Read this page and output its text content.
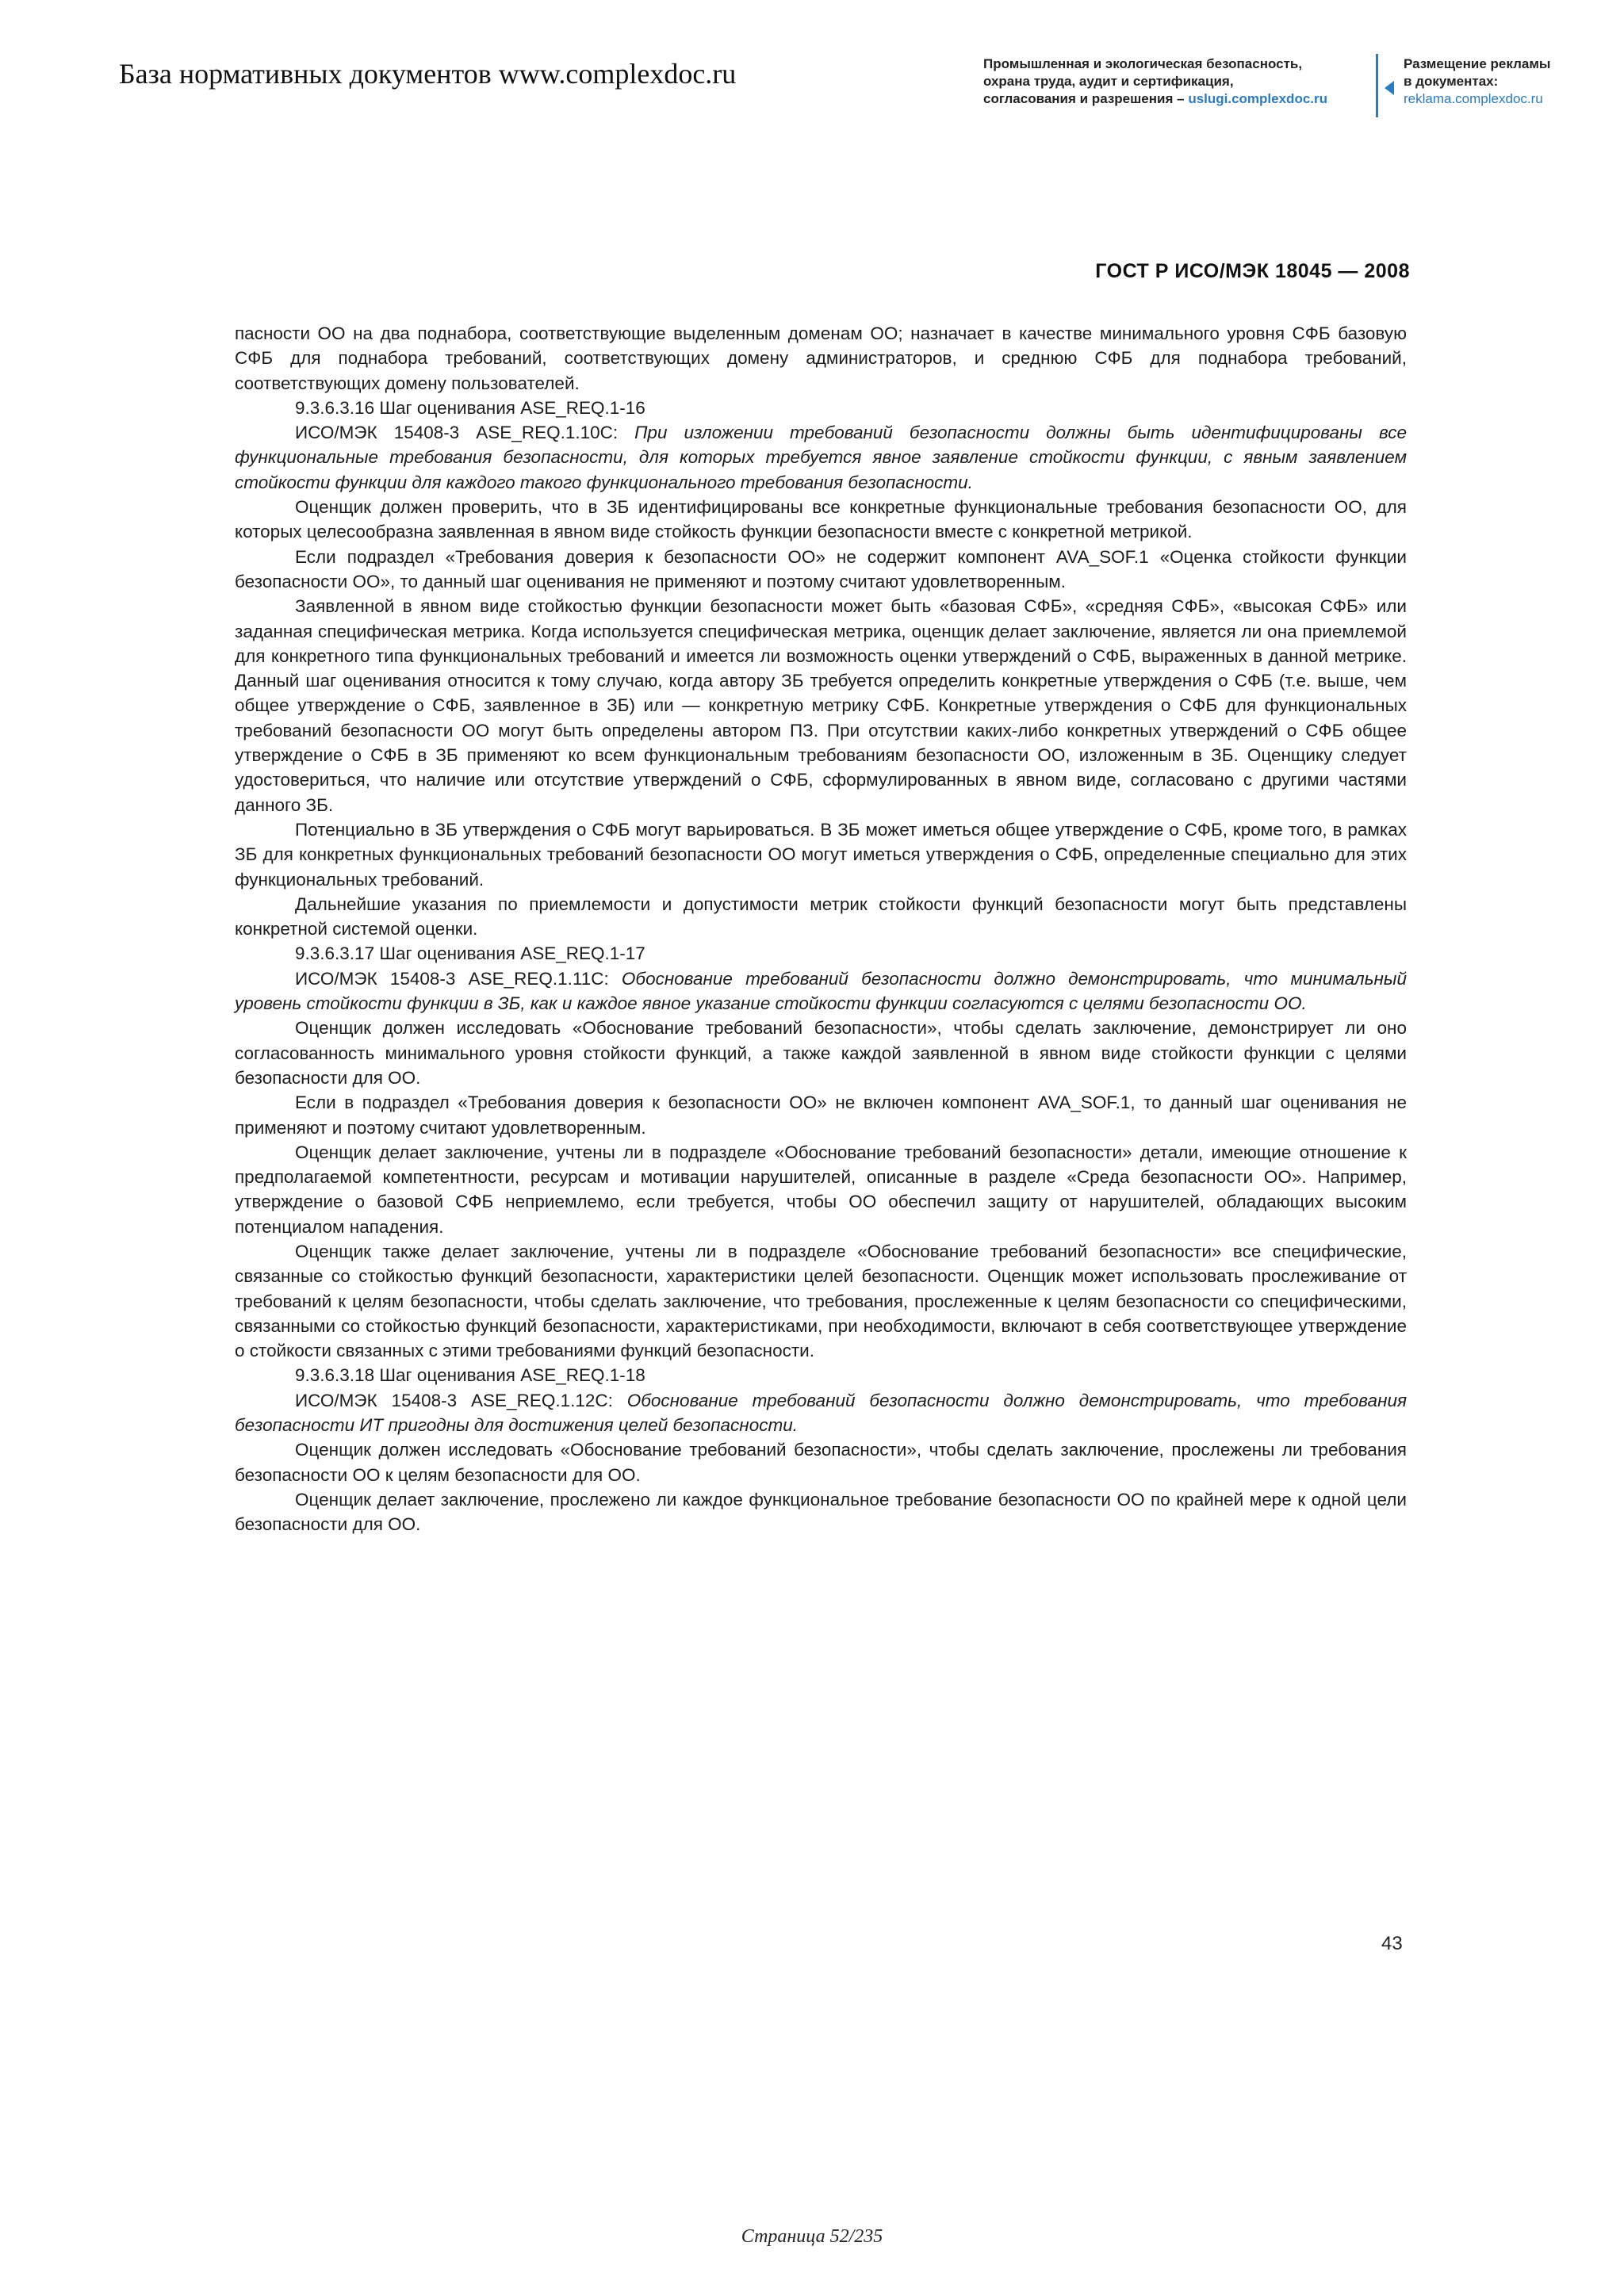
База нормативных документов www.complexdoc.ru	Промышленная и экологическая безопасность,
охрана труда, аудит и сертификация,
согласования и разрешения – uslugi.complexdoc.ru
Размещение рекламы
в документах:
reklama.complexdoc.ru
ГОСТ Р ИСО/МЭК 18045 — 2008

пасности ОО на два поднабора, соответствующие выделенным доменам ОО; назначает в качестве минимального уровня СФБ базовую СФБ для поднабора требований, соответствующих домену администраторов, и среднюю СФБ для поднабора требований, соответствующих домену пользователей.

9.3.6.3.16 Шаг оценивания ASE_REQ.1-16

ИСО/МЭК 15408-3 ASE_REQ.1.10C: При изложении требований безопасности должны быть идентифицированы все функциональные требования безопасности, для которых требуется явное заявление стойкости функции, с явным заявлением стойкости функции для каждого такого функционального требования безопасности.

Оценщик должен проверить, что в ЗБ идентифицированы все конкретные функциональные требования безопасности ОО, для которых целесообразна заявленная в явном виде стойкость функции безопасности вместе с конкретной метрикой.

Если подраздел «Требования доверия к безопасности ОО» не содержит компонент AVA_SOF.1 «Оценка стойкости функции безопасности ОО», то данный шаг оценивания не применяют и поэтому считают удовлетворенным.

Заявленной в явном виде стойкостью функции безопасности может быть «базовая СФБ», «средняя СФБ», «высокая СФБ» или заданная специфическая метрика. Когда используется специфическая метрика, оценщик делает заключение, является ли она приемлемой для конкретного типа функциональных требований и имеется ли возможность оценки утверждений о СФБ, выраженных в данной метрике. Данный шаг оценивания относится к тому случаю, когда автору ЗБ требуется определить конкретные утверждения о СФБ (т.е. выше, чем общее утверждение о СФБ, заявленное в ЗБ) или — конкретную метрику СФБ. Конкретные утверждения о СФБ для функциональных требований безопасности ОО могут быть определены автором ПЗ. При отсутствии каких-либо конкретных утверждений о СФБ общее утверждение о СФБ в ЗБ применяют ко всем функциональным требованиям безопасности ОО, изложенным в ЗБ. Оценщику следует удостовериться, что наличие или отсутствие утверждений о СФБ, сформулированных в явном виде, согласовано с другими частями данного ЗБ.

Потенциально в ЗБ утверждения о СФБ могут варьироваться. В ЗБ может иметься общее утверждение о СФБ, кроме того, в рамках ЗБ для конкретных функциональных требований безопасности ОО могут иметься утверждения о СФБ, определенные специально для этих функциональных требований.

Дальнейшие указания по приемлемости и допустимости метрик стойкости функций безопасности могут быть представлены конкретной системой оценки.

9.3.6.3.17 Шаг оценивания ASE_REQ.1-17

ИСО/МЭК 15408-3 ASE_REQ.1.11C: Обоснование требований безопасности должно демонстрировать, что минимальный уровень стойкости функции в ЗБ, как и каждое явное указание стойкости функции согласуются с целями безопасности ОО.

Оценщик должен исследовать «Обоснование требований безопасности», чтобы сделать заключение, демонстрирует ли оно согласованность минимального уровня стойкости функций, а также каждой заявленной в явном виде стойкости функции с целями безопасности для ОО.

Если в подраздел «Требования доверия к безопасности ОО» не включен компонент AVA_SOF.1, то данный шаг оценивания не применяют и поэтому считают удовлетворенным.

Оценщик делает заключение, учтены ли в подразделе «Обоснование требований безопасности» детали, имеющие отношение к предполагаемой компетентности, ресурсам и мотивации нарушителей, описанные в разделе «Среда безопасности ОО». Например, утверждение о базовой СФБ неприемлемо, если требуется, чтобы ОО обеспечил защиту от нарушителей, обладающих высоким потенциалом нападения.

Оценщик также делает заключение, учтены ли в подразделе «Обоснование требований безопасности» все специфические, связанные со стойкостью функций безопасности, характеристики целей безопасности. Оценщик может использовать прослеживание от требований к целям безопасности, чтобы сделать заключение, что требования, прослеженные к целям безопасности со специфическими, связанными со стойкостью функций безопасности, характеристиками, при необходимости, включают в себя соответствующее утверждение о стойкости связанных с этими требованиями функций безопасности.

9.3.6.3.18 Шаг оценивания ASE_REQ.1-18

ИСО/МЭК 15408-3 ASE_REQ.1.12C: Обоснование требований безопасности должно демонстрировать, что требования безопасности ИТ пригодны для достижения целей безопасности.

Оценщик должен исследовать «Обоснование требований безопасности», чтобы сделать заключение, прослежены ли требования безопасности ОО к целям безопасности для ОО.

Оценщик делает заключение, прослежено ли каждое функциональное требование безопасности ОО по крайней мере к одной цели безопасности для ОО.

43
Страница 52/235
